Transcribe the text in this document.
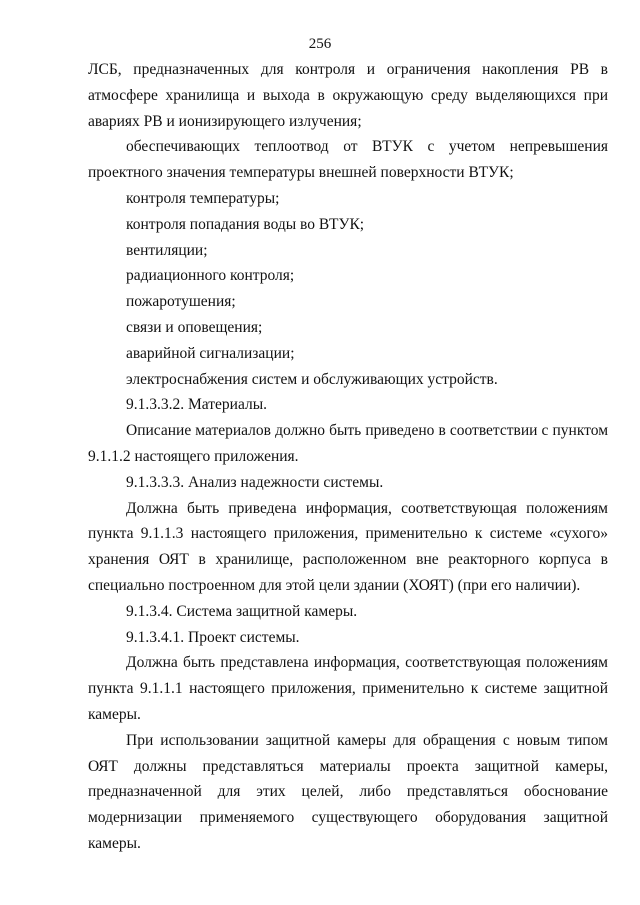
256

ЛСБ, предназначенных для контроля и ограничения накопления РВ в атмосфере хранилища и выхода в окружающую среду выделяющихся при авариях РВ и ионизирующего излучения;

обеспечивающих теплоотвод от ВТУК с учетом непревышения проектного значения температуры внешней поверхности ВТУК;

контроля температуры;

контроля попадания воды во ВТУК;

вентиляции;

радиационного контроля;

пожаротушения;

связи и оповещения;

аварийной сигнализации;

электроснабжения систем и обслуживающих устройств.

9.1.3.3.2. Материалы.

Описание материалов должно быть приведено в соответствии с пунктом 9.1.1.2 настоящего приложения.

9.1.3.3.3. Анализ надежности системы.

Должна быть приведена информация, соответствующая положениям пункта 9.1.1.3 настоящего приложения, применительно к системе «сухого» хранения ОЯТ в хранилище, расположенном вне реакторного корпуса в специально построенном для этой цели здании (ХОЯТ) (при его наличии).

9.1.3.4. Система защитной камеры.

9.1.3.4.1. Проект системы.

Должна быть представлена информация, соответствующая положениям пункта 9.1.1.1 настоящего приложения, применительно к системе защитной камеры.

При использовании защитной камеры для обращения с новым типом ОЯТ должны представляться материалы проекта защитной камеры, предназначенной для этих целей, либо представляться обоснование модернизации применяемого существующего оборудования защитной камеры.
